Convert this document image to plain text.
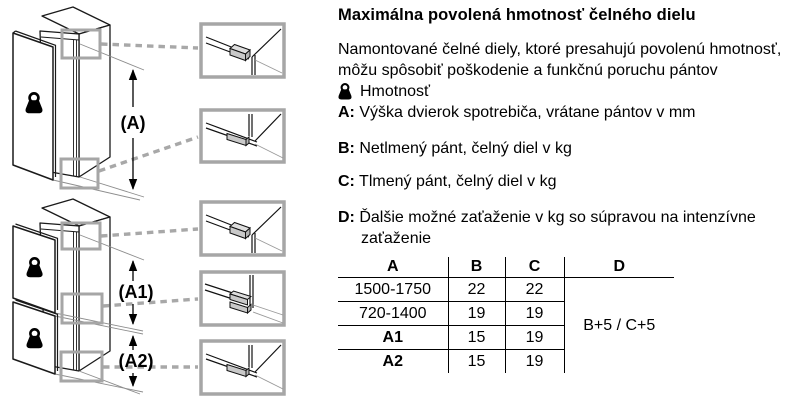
(A)
(A1)
(A2)
Maximálna povolená hmotnosť čelného dielu

Namontované čelné diely, ktoré presahujú povolenú hmotnosť, môžu spôsobiť poškodenie a funkčnú poruchu pántov

Hmotnosť
A: Výška dvierok spotrebiča, vrátane pántov v mm
B: Netlmený pánt, čelný diel v kg
C: Tlmený pánt, čelný diel v kg
D: Ďalšie možné zaťaženie v kg so súpravou na intenzívne zaťaženie
A	B	C	D
1500-1750	22	22	B+5 / C+5
720-1400	19	19	
A1	15	19	
A2	15	19	
